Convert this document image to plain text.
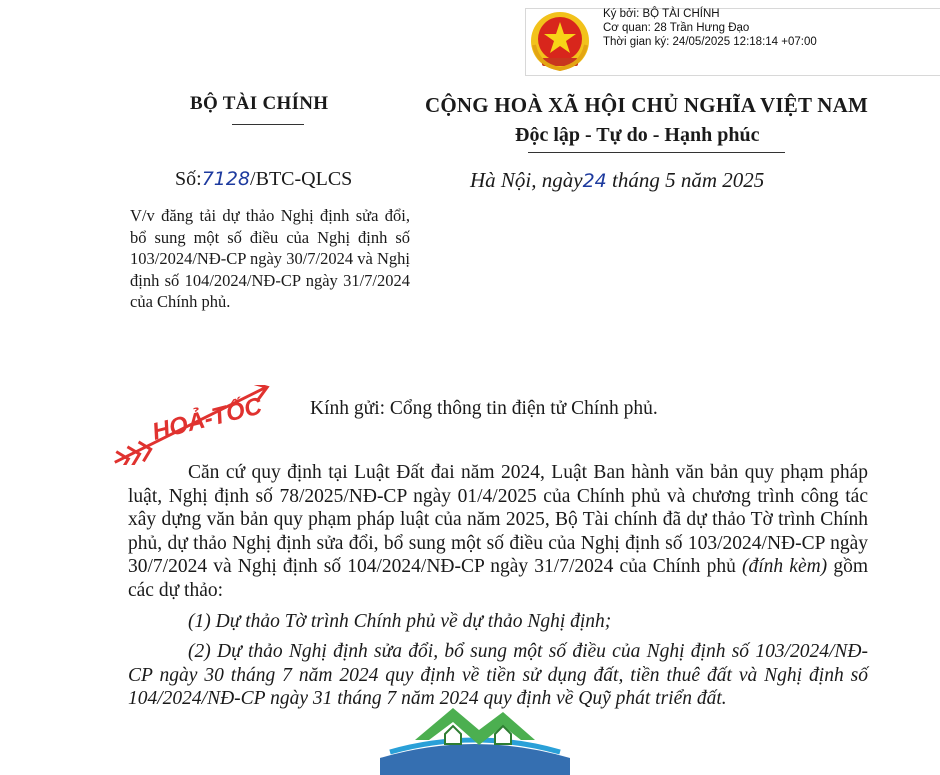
Ký bởi: BỘ TÀI CHÍNH
Cơ quan: 28 Trần Hưng Đạo
Thời gian ký: 24/05/2025 12:18:14 +07:00
BỘ TÀI CHÍNH	CỘNG HOÀ XÃ HỘI CHỦ NGHĨA VIỆT NAM
Độc lập - Tự do - Hạnh phúc
Số:7128/BTC-QLCS	Hà Nội, ngày24 tháng 5 năm 2025
V/v đăng tải dự thảo Nghị định sửa đổi, bổ sung một số điều của Nghị định số 103/2024/NĐ-CP ngày 30/7/2024 và Nghị định số 104/2024/NĐ-CP ngày 31/7/2024 của Chính phủ.
HOẢ-TỐC Kính gửi: Cổng thông tin điện tử Chính phủ.

Căn cứ quy định tại Luật Đất đai năm 2024, Luật Ban hành văn bản quy phạm pháp luật, Nghị định số 78/2025/NĐ-CP ngày 01/4/2025 của Chính phủ và chương trình công tác xây dựng văn bản quy phạm pháp luật của năm 2025, Bộ Tài chính đã dự thảo Tờ trình Chính phủ, dự thảo Nghị định sửa đổi, bổ sung một số điều của Nghị định số 103/2024/NĐ-CP ngày 30/7/2024 và Nghị định số 104/2024/NĐ-CP ngày 31/7/2024 của Chính phủ (đính kèm) gồm các dự thảo:

(1) Dự thảo Tờ trình Chính phủ về dự thảo Nghị định;

(2) Dự thảo Nghị định sửa đổi, bổ sung một số điều của Nghị định số 103/2024/NĐ-CP ngày 30 tháng 7 năm 2024 quy định về tiền sử dụng đất, tiền thuê đất và Nghị định số 104/2024/NĐ-CP ngày 31 tháng 7 năm 2024 quy định về Quỹ phát triển đất.
